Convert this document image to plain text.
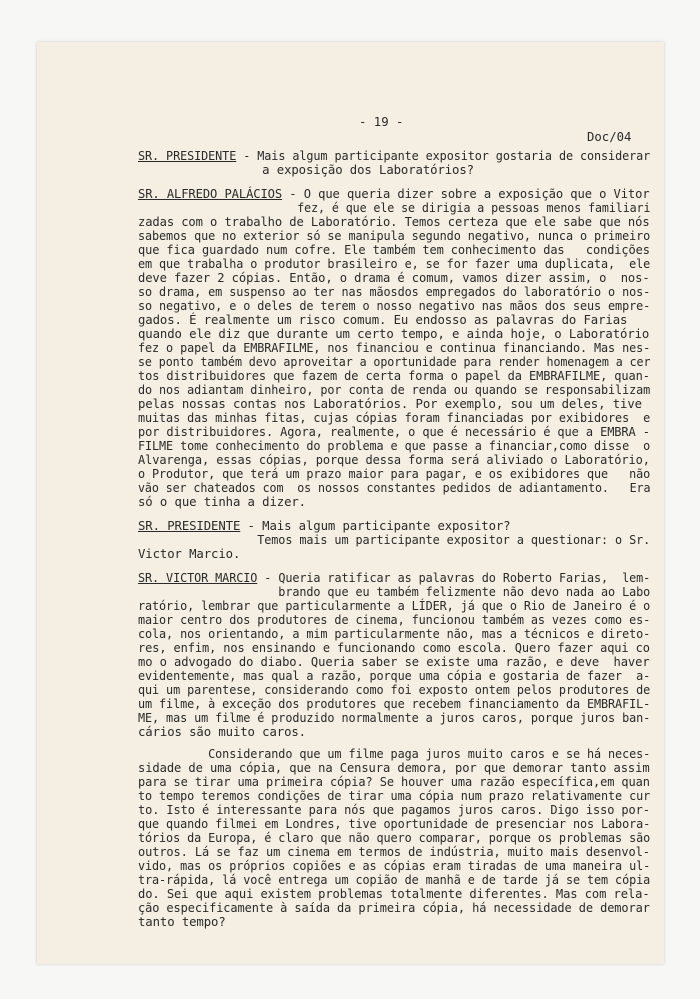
- 19 -
Doc/04
SR. PRESIDENTE - Mais algum participante expositor gostaria de considerar
a exposição dos Laboratórios?
SR. ALFREDO PALÁCIOS - O que queria dizer sobre a exposição que o Vitor
fez, é que ele se dirigia a pessoas menos familiari
zadas com o trabalho de Laboratório. Temos certeza que ele sabe que nós
sabemos que no exterior só se manipula segundo negativo, nunca o primeiro
que fica guardado num cofre. Ele também tem conhecimento das   condições
em que trabalha o produtor brasileiro e, se for fazer uma duplicata,  ele
deve fazer 2 cópias. Então, o drama é comum, vamos dizer assim, o  nos-
so drama, em suspenso ao ter nas mãosdos empregados do laboratório o nos-
so negativo, e o deles de terem o nosso negativo nas mãos dos seus empre-
gados. É realmente um risco comum. Eu endosso as palavras do Farias
quando ele diz que durante um certo tempo, e ainda hoje, o Laboratório
fez o papel da EMBRAFILME, nos financiou e continua financiando. Mas nes-
se ponto também devo aproveitar a oportunidade para render homenagem a cer
tos distribuidores que fazem de certa forma o papel da EMBRAFILME, quan-
do nos adiantam dinheiro, por conta de renda ou quando se responsabilizam
pelas nossas contas nos Laboratórios. Por exemplo, sou um deles, tive
muitas das minhas fitas, cujas cópias foram financiadas por exibidores  e
por distribuidores. Agora, realmente, o que é necessário é que a EMBRA -
FILME tome conhecimento do problema e que passe a financiar,como disse  o
Alvarenga, essas cópias, porque dessa forma será aliviado o Laboratório,
o Produtor, que terá um prazo maior para pagar, e os exibidores que   não
vão ser chateados com  os nossos constantes pedidos de adiantamento.   Era
só o que tinha a dizer.
SR. PRESIDENTE - Mais algum participante expositor?
Temos mais um participante expositor a questionar: o Sr.
Victor Marcio.
SR. VICTOR MARCIO - Queria ratificar as palavras do Roberto Farias,  lem-
brando que eu também felizmente não devo nada ao Labo
ratório, lembrar que particularmente a LÍDER, já que o Rio de Janeiro é o
maior centro dos produtores de cinema, funcionou também as vezes como es-
cola, nos orientando, a mim particularmente não, mas a técnicos e direto-
res, enfim, nos ensinando e funcionando como escola. Quero fazer aqui co
mo o advogado do diabo. Queria saber se existe uma razão, e deve  haver
evidentemente, mas qual a razão, porque uma cópia e gostaria de fazer  a-
qui um parentese, considerando como foi exposto ontem pelos produtores de
um filme, à exceção dos produtores que recebem financiamento da EMBRAFIL-
ME, mas um filme é produzido normalmente a juros caros, porque juros ban-
cários são muito caros.
Considerando que um filme paga juros muito caros e se há neces-
sidade de uma cópia, que na Censura demora, por que demorar tanto assim
para se tirar uma primeira cópia? Se houver uma razão específica,em quan
to tempo teremos condições de tirar uma cópia num prazo relativamente cur
to. Isto é interessante para nós que pagamos juros caros. Digo isso por-
que quando filmei em Londres, tive oportunidade de presenciar nos Labora-
tórios da Europa, é claro que não quero comparar, porque os problemas são
outros. Lá se faz um cinema em termos de indústria, muito mais desenvol-
vido, mas os próprios copiões e as cópias eram tiradas de uma maneira ul-
tra-rápida, lá você entrega um copião de manhã e de tarde já se tem cópia
do. Sei que aqui existem problemas totalmente diferentes. Mas com rela-
ção especificamente à saída da primeira cópia, há necessidade de demorar
tanto tempo?
